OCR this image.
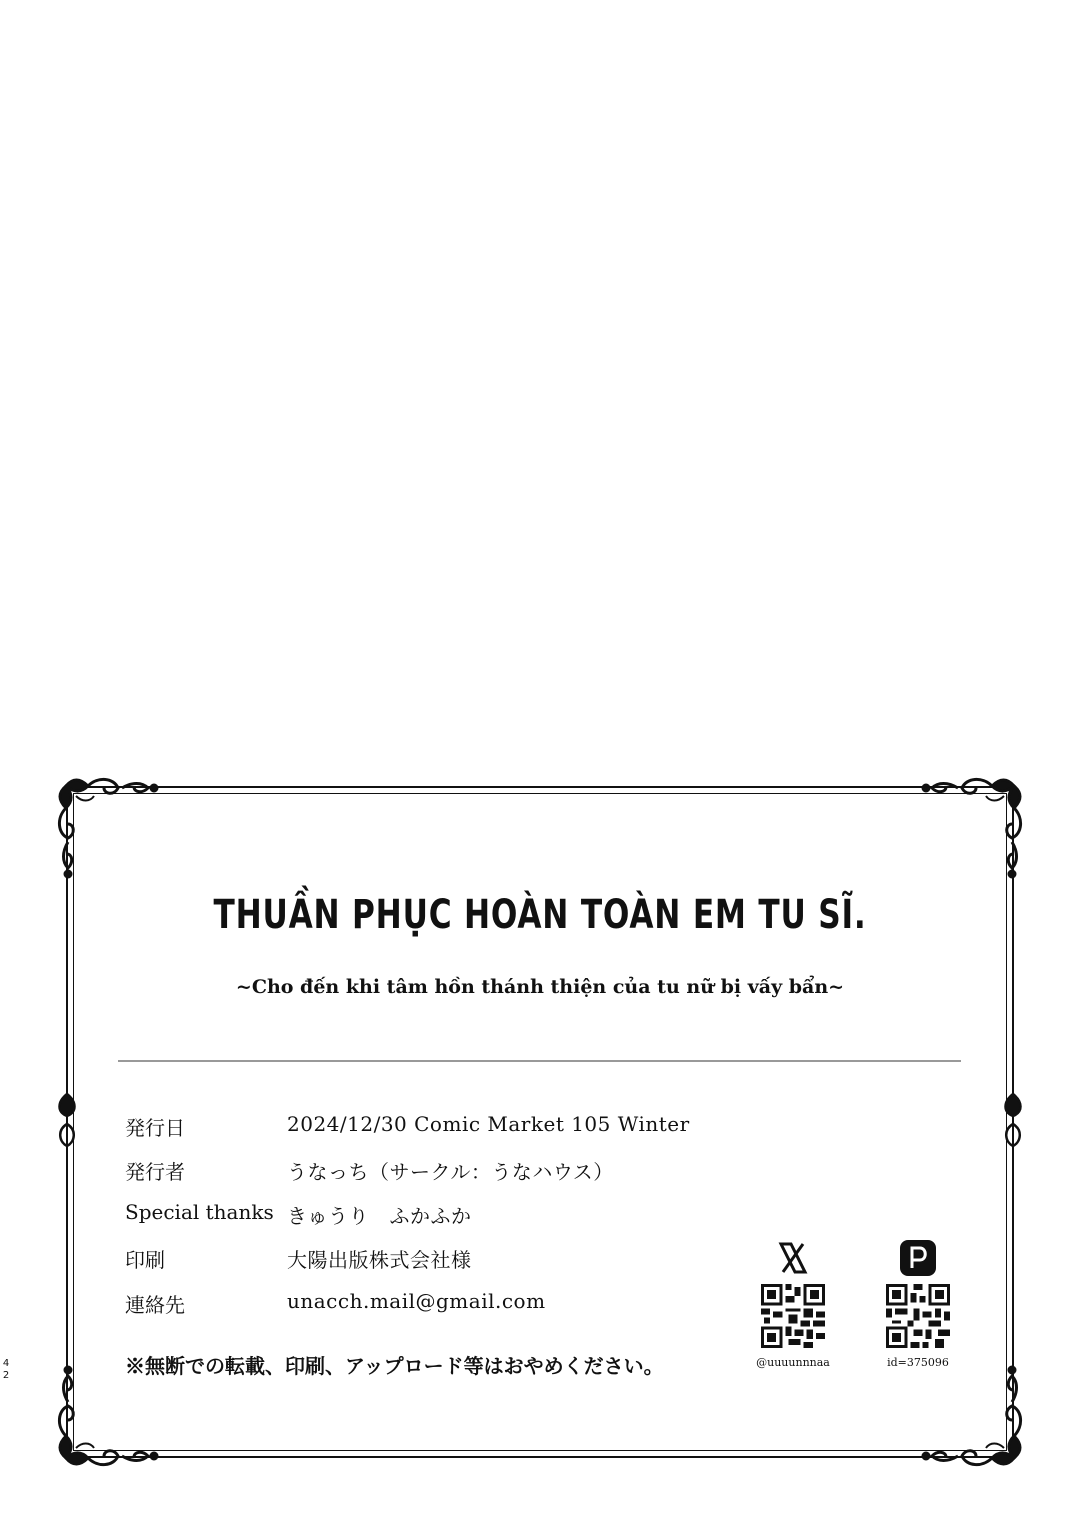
THUẦN PHỤC HOÀN TOÀN EM TU SĨ.
~Cho đến khi tâm hồn thánh thiện của tu nữ bị vấy bẩn~
発行日	2024/12/30 Comic Market 105 Winter
発行者	うなっち（サークル：うなハウス）
Special thanks きゅうり　ふかふか
印刷	大陽出版株式会社様
連絡先	unacch.mail@gmail.com
※無断での転載、印刷、アップロード等はおやめください。	@uuuunnnaa	id=375096
4
2
